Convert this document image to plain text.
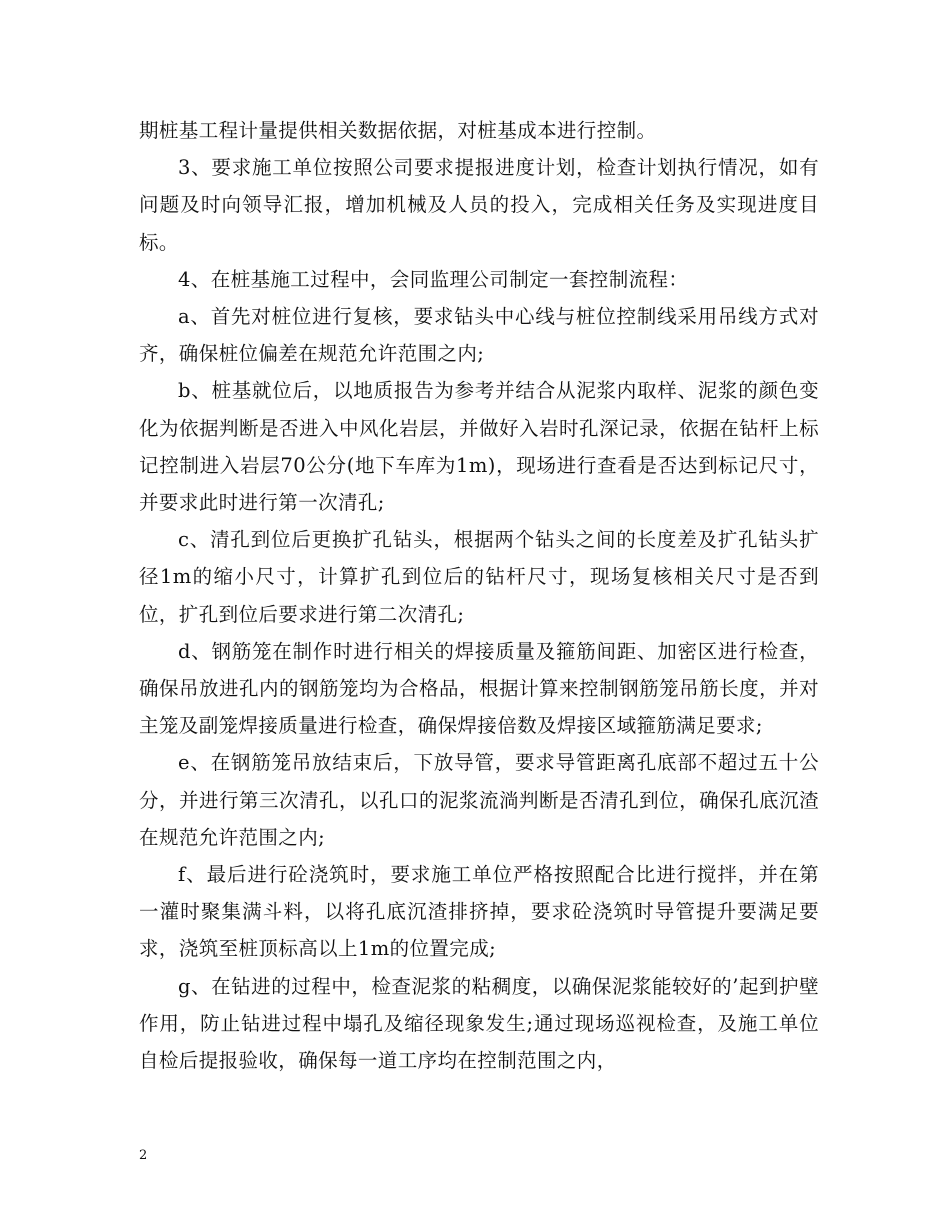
期桩基工程计量提供相关数据依据，对桩基成本进行控制。

3、要求施工单位按照公司要求提报进度计划，检查计划执行情况，如有问题及时向领导汇报，增加机械及人员的投入，完成相关任务及实现进度目标。

4、在桩基施工过程中，会同监理公司制定一套控制流程：

a、首先对桩位进行复核，要求钻头中心线与桩位控制线采用吊线方式对齐，确保桩位偏差在规范允许范围之内;

b、桩基就位后，以地质报告为参考并结合从泥浆内取样、泥浆的颜色变化为依据判断是否进入中风化岩层，并做好入岩时孔深记录，依据在钻杆上标记控制进入岩层70公分(地下车库为1m)，现场进行查看是否达到标记尺寸，并要求此时进行第一次清孔;

c、清孔到位后更换扩孔钻头，根据两个钻头之间的长度差及扩孔钻头扩径1m的缩小尺寸，计算扩孔到位后的钻杆尺寸，现场复核相关尺寸是否到位，扩孔到位后要求进行第二次清孔;

d、钢筋笼在制作时进行相关的焊接质量及箍筋间距、加密区进行检查，确保吊放进孔内的钢筋笼均为合格品，根据计算来控制钢筋笼吊筋长度，并对主笼及副笼焊接质量进行检查，确保焊接倍数及焊接区域箍筋满足要求;

e、在钢筋笼吊放结束后，下放导管，要求导管距离孔底部不超过五十公分，并进行第三次清孔，以孔口的泥浆流淌判断是否清孔到位，确保孔底沉渣在规范允许范围之内;

f、最后进行砼浇筑时，要求施工单位严格按照配合比进行搅拌，并在第一灌时聚集满斗料，以将孔底沉渣排挤掉，要求砼浇筑时导管提升要满足要求，浇筑至桩顶标高以上1m的位置完成;

g、在钻进的过程中，检查泥浆的粘稠度，以确保泥浆能较好的’起到护壁作用，防止钻进过程中塌孔及缩径现象发生;通过现场巡视检查，及施工单位自检后提报验收，确保每一道工序均在控制范围之内，

2
